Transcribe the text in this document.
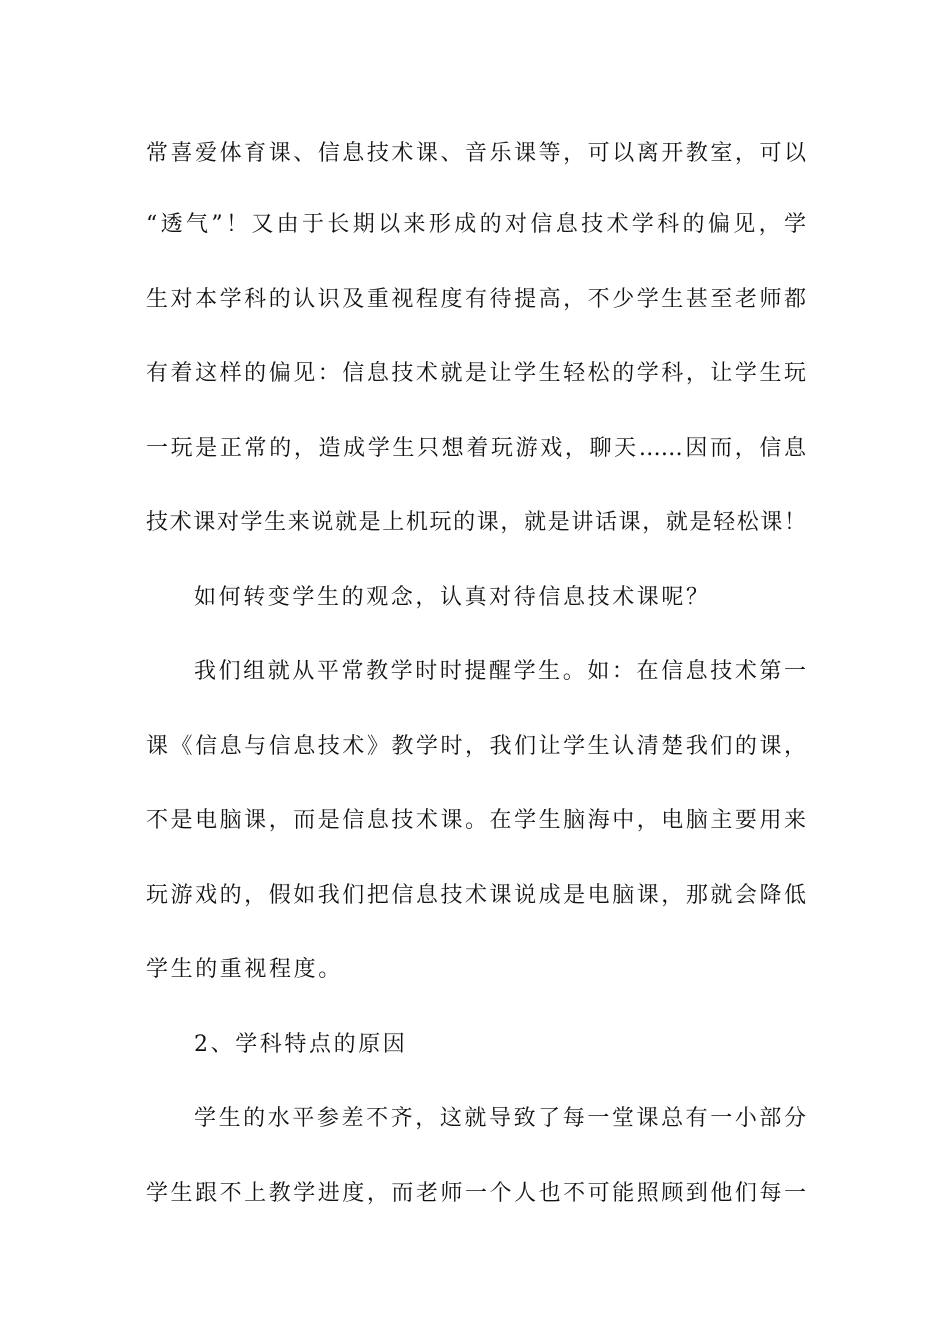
常喜爱体育课、信息技术课、音乐课等，可以离开教室，可以
“透气”！又由于长期以来形成的对信息技术学科的偏见，学
生对本学科的认识及重视程度有待提高，不少学生甚至老师都
有着这样的偏见：信息技术就是让学生轻松的学科，让学生玩
一玩是正常的，造成学生只想着玩游戏，聊天……因而，信息
技术课对学生来说就是上机玩的课，就是讲话课，就是轻松课！
如何转变学生的观念，认真对待信息技术课呢？
我们组就从平常教学时时提醒学生。如：在信息技术第一
课《信息与信息技术》教学时，我们让学生认清楚我们的课，
不是电脑课，而是信息技术课。在学生脑海中，电脑主要用来
玩游戏的，假如我们把信息技术课说成是电脑课，那就会降低
学生的重视程度。
2、学科特点的原因
学生的水平参差不齐，这就导致了每一堂课总有一小部分
学生跟不上教学进度，而老师一个人也不可能照顾到他们每一
